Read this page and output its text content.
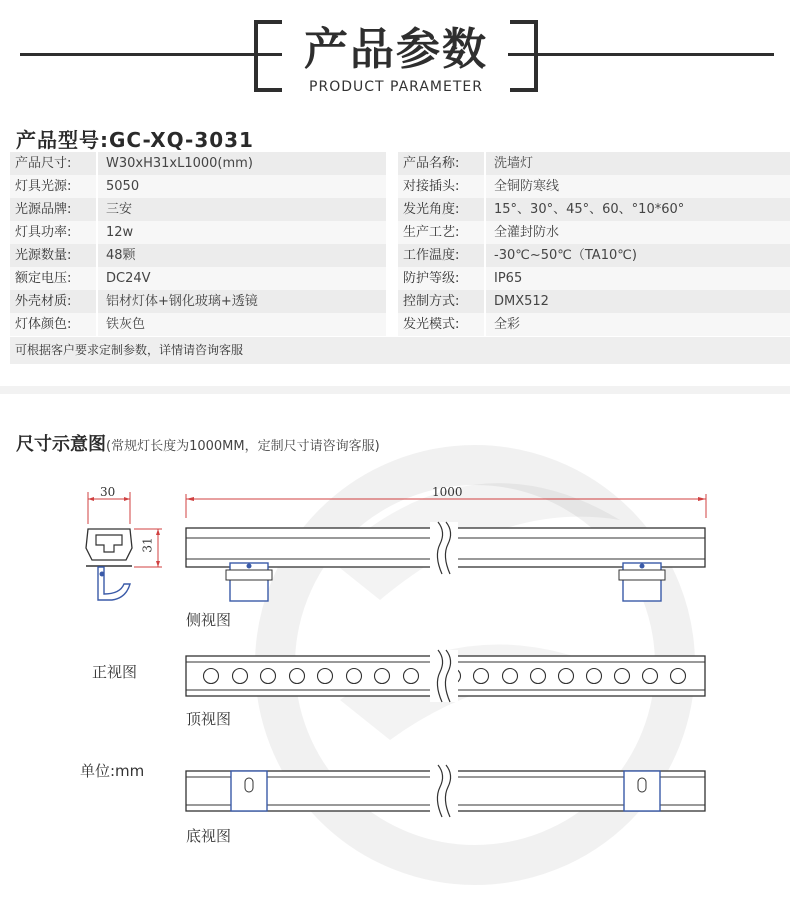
产品参数
PRODUCT PARAMETER
产品型号:GC-XQ-3031
产品尺寸:	W30xH31xL1000(mm)	产品名称:	洗墙灯
灯具光源:	5050	对接插头:	全铜防寒线
光源品牌:	三安	发光角度:	15°、30°、45°、60、°10*60°
灯具功率:	12w	生产工艺:	全灌封防水
光源数量:	48颗	工作温度:	-30℃~50℃（TA10℃)
额定电压:	DC24V	防护等级:	IP65
外壳材质:	铝材灯体+钢化玻璃+透镜	控制方式:	DMX512
灯体颜色:	铁灰色	发光模式:	全彩
可根据客户要求定制参数，详情请咨询客服
尺寸示意图(常规灯长度为1000MM，定制尺寸请咨询客服)
30
31
1000
侧视图
正视图
顶视图
单位:mm
底视图
